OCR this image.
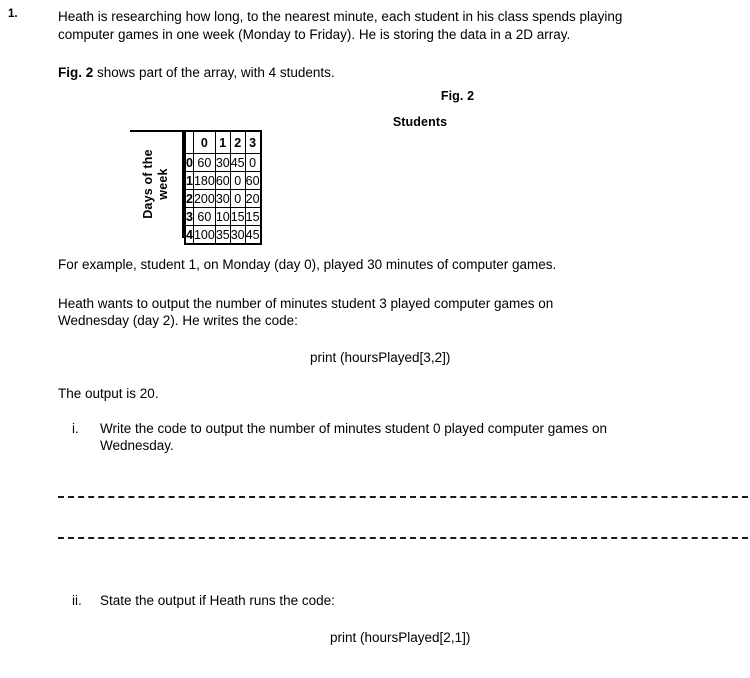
1.	Heath is researching how long, to the nearest minute, each student in his class spends playing
computer games in one week (Monday to Friday). He is storing the data in a 2D array.
Fig. 2 shows part of the array, with 4 students.
Fig. 2
Students
Days of the
week
	0	1	2	3
0	60	30	45	0
1	180	60	0	60
2	200	30	0	20
3	60	10	15	15
4	100	35	30	45
For example, student 1, on Monday (day 0), played 30 minutes of computer games.
Heath wants to output the number of minutes student 3 played computer games on
Wednesday (day 2). He writes the code:
print (hoursPlayed[3,2])
The output is 20.
i. Write the code to output the number of minutes student 0 played computer games on
Wednesday.
ii. State the output if Heath runs the code:
print (hoursPlayed[2,1])
